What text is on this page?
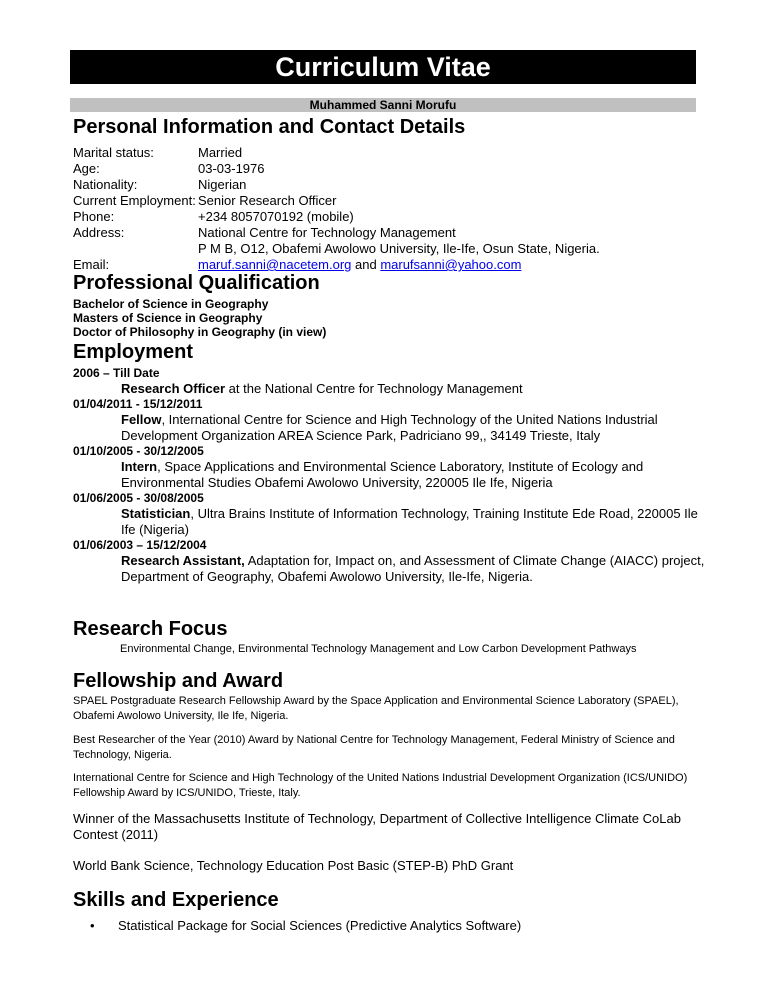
Curriculum Vitae
Muhammed Sanni Morufu
Personal Information and Contact Details
Marital status:	Married
Age:	03-03-1976
Nationality:	Nigerian
Current Employment: Senior Research Officer
Phone:	+234 8057070192 (mobile)
Address:	National Centre for Technology Management
P M B, O12, Obafemi Awolowo University, Ile-Ife, Osun State, Nigeria.
Email:	maruf.sanni@nacetem.org and marufsanni@yahoo.com
Professional Qualification
Bachelor of Science in Geography
Masters of Science in Geography
Doctor of Philosophy in Geography (in view)
Employment
2006 – Till Date
Research Officer at the National Centre for Technology Management
01/04/2011 - 15/12/2011
Fellow, International Centre for Science and High Technology of the United Nations Industrial Development Organization AREA Science Park, Padriciano 99,, 34149 Trieste, Italy
01/10/2005 - 30/12/2005
Intern, Space Applications and Environmental Science Laboratory, Institute of Ecology and Environmental Studies Obafemi Awolowo University, 220005 Ile Ife, Nigeria
01/06/2005 - 30/08/2005
Statistician, Ultra Brains Institute of Information Technology, Training Institute Ede Road, 220005 Ile Ife (Nigeria)
01/06/2003 – 15/12/2004
Research Assistant, Adaptation for, Impact on, and Assessment of Climate Change (AIACC) project, Department of Geography, Obafemi Awolowo University, Ile-Ife, Nigeria.
Research Focus
Environmental Change, Environmental Technology Management and Low Carbon Development Pathways
Fellowship and Award
SPAEL Postgraduate Research Fellowship Award by the Space Application and Environmental Science Laboratory (SPAEL), Obafemi Awolowo University, Ile Ife, Nigeria.
Best Researcher of the Year (2010) Award by National Centre for Technology Management, Federal Ministry of Science and Technology, Nigeria.
International Centre for Science and High Technology of the United Nations Industrial Development Organization (ICS/UNIDO) Fellowship Award by ICS/UNIDO, Trieste, Italy.
Winner of the Massachusetts Institute of Technology, Department of Collective Intelligence Climate CoLab Contest (2011)
World Bank Science, Technology Education Post Basic (STEP-B) PhD Grant
Skills and Experience
• Statistical Package for Social Sciences (Predictive Analytics Software)
